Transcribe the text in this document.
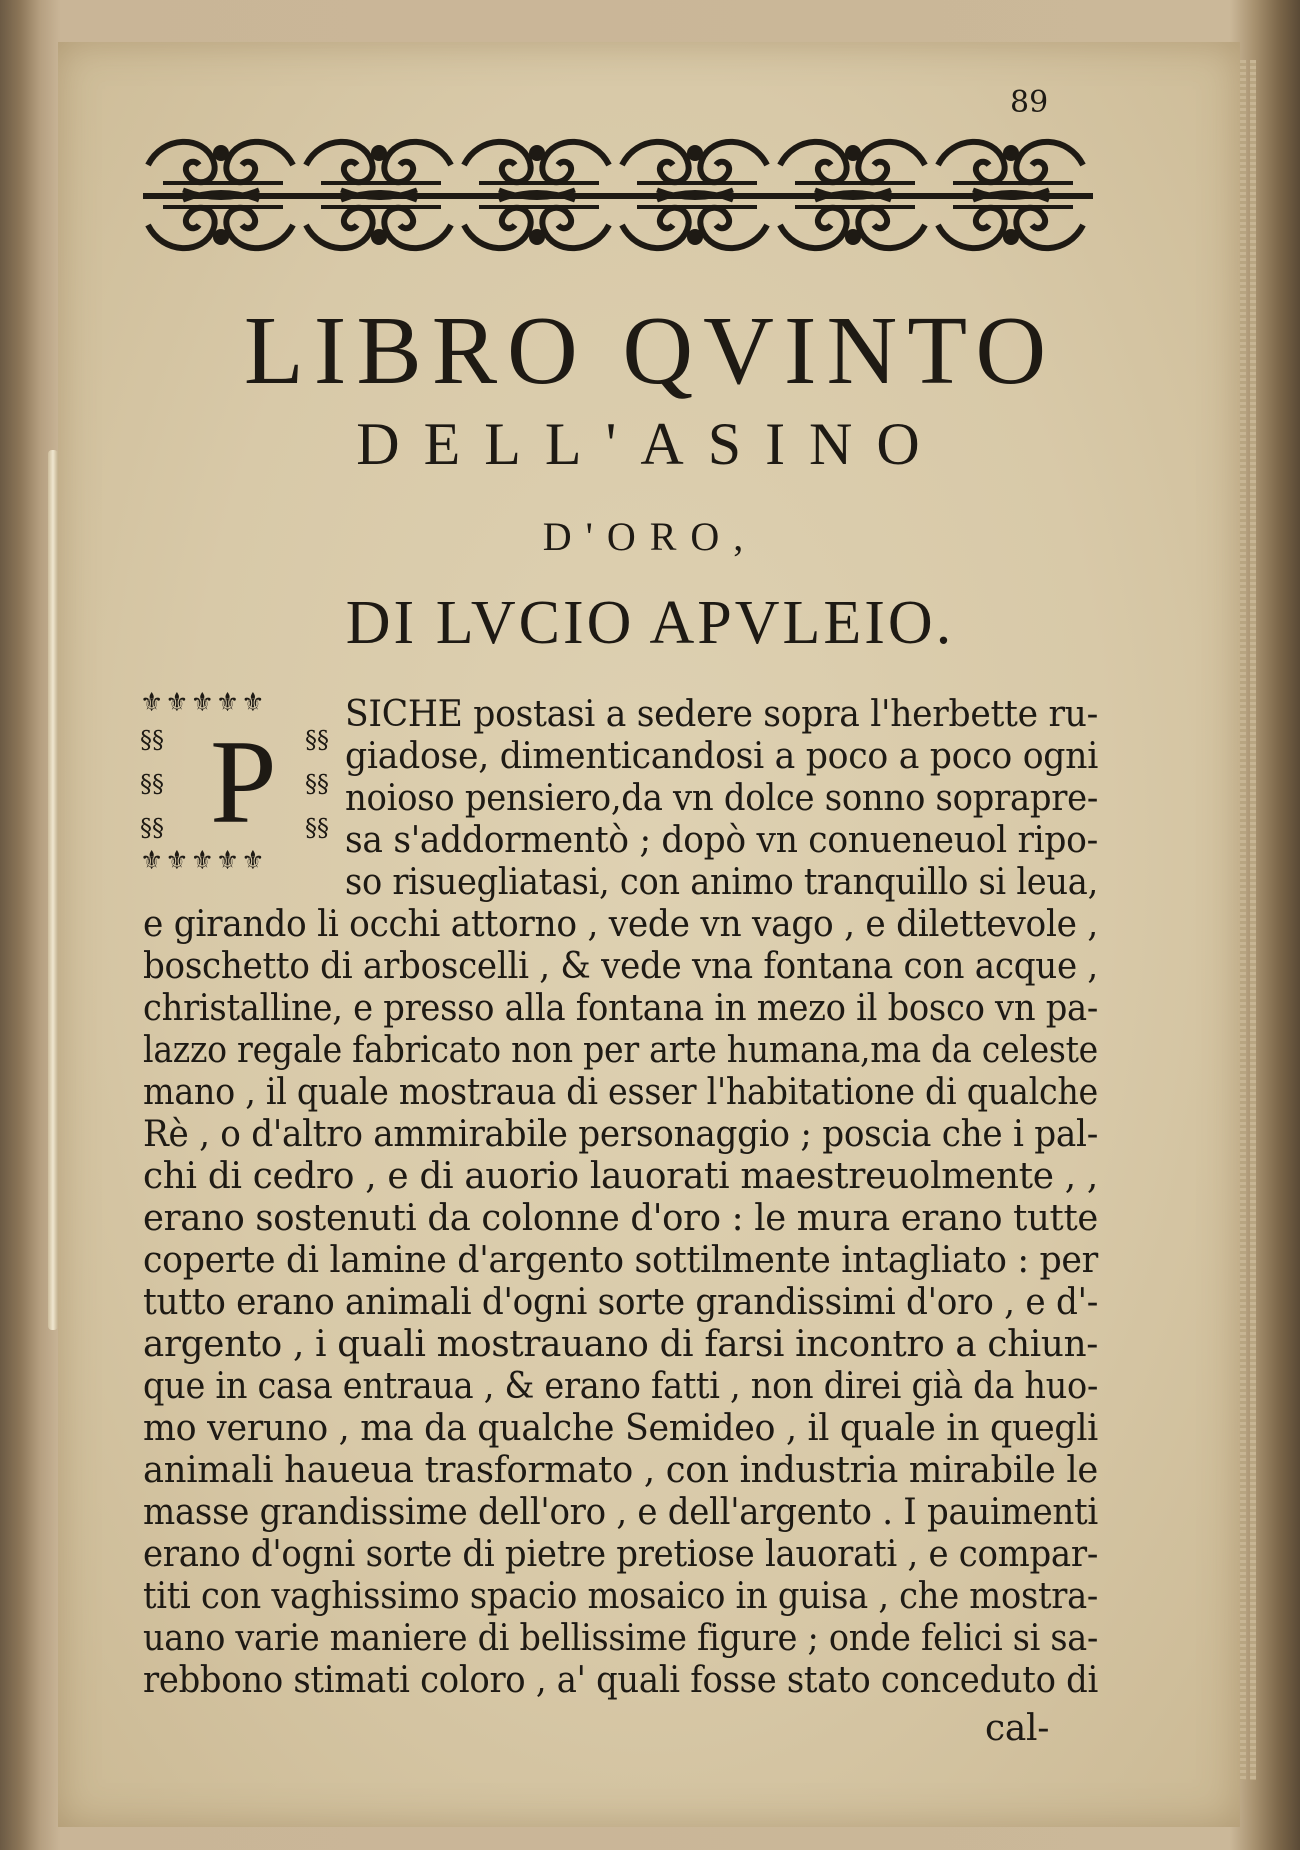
89
LIBRO QVINTO
DELL'ASINO
D'ORO,
DI LVCIO APVLEIO.
⚜⚜⚜⚜⚜
§§
§§
§§ P §§
§§
§§
⚜⚜⚜⚜⚜
SICHE postasi a sedere sopra l'herbette ru-
giadose, dimenticandosi a poco a poco ogni
noioso pensiero,da vn dolce sonno soprapre-
sa s'addormentò ; dopò vn conueneuol ripo-
so risuegliatasi, con animo tranquillo si leua,
e girando li occhi attorno , vede vn vago , e dilettevole ,
boschetto di arboscelli , & vede vna fontana con acque ,
christalline, e presso alla fontana in mezo il bosco vn pa-
lazzo regale fabricato non per arte humana,ma da celeste
mano , il quale mostraua di esser l'habitatione di qualche
Rè , o d'altro ammirabile personaggio ; poscia che i pal-
chi di cedro , e di auorio lauorati maestreuolmente , ,
erano sostenuti da colonne d'oro : le mura erano tutte
coperte di lamine d'argento sottilmente intagliato : per
tutto erano animali d'ogni sorte grandissimi d'oro , e d'-
argento , i quali mostrauano di farsi incontro a chiun-
que in casa entraua , & erano fatti , non direi già da huo-
mo veruno , ma da qualche Semideo , il quale in quegli
animali haueua trasformato , con industria mirabile le
masse grandissime dell'oro , e dell'argento . I pauimenti
erano d'ogni sorte di pietre pretiose lauorati , e compar-
titi con vaghissimo spacio mosaico in guisa , che mostra-
uano varie maniere di bellissime figure ; onde felici si sa-
rebbono stimati coloro , a' quali fosse stato conceduto di
cal-
